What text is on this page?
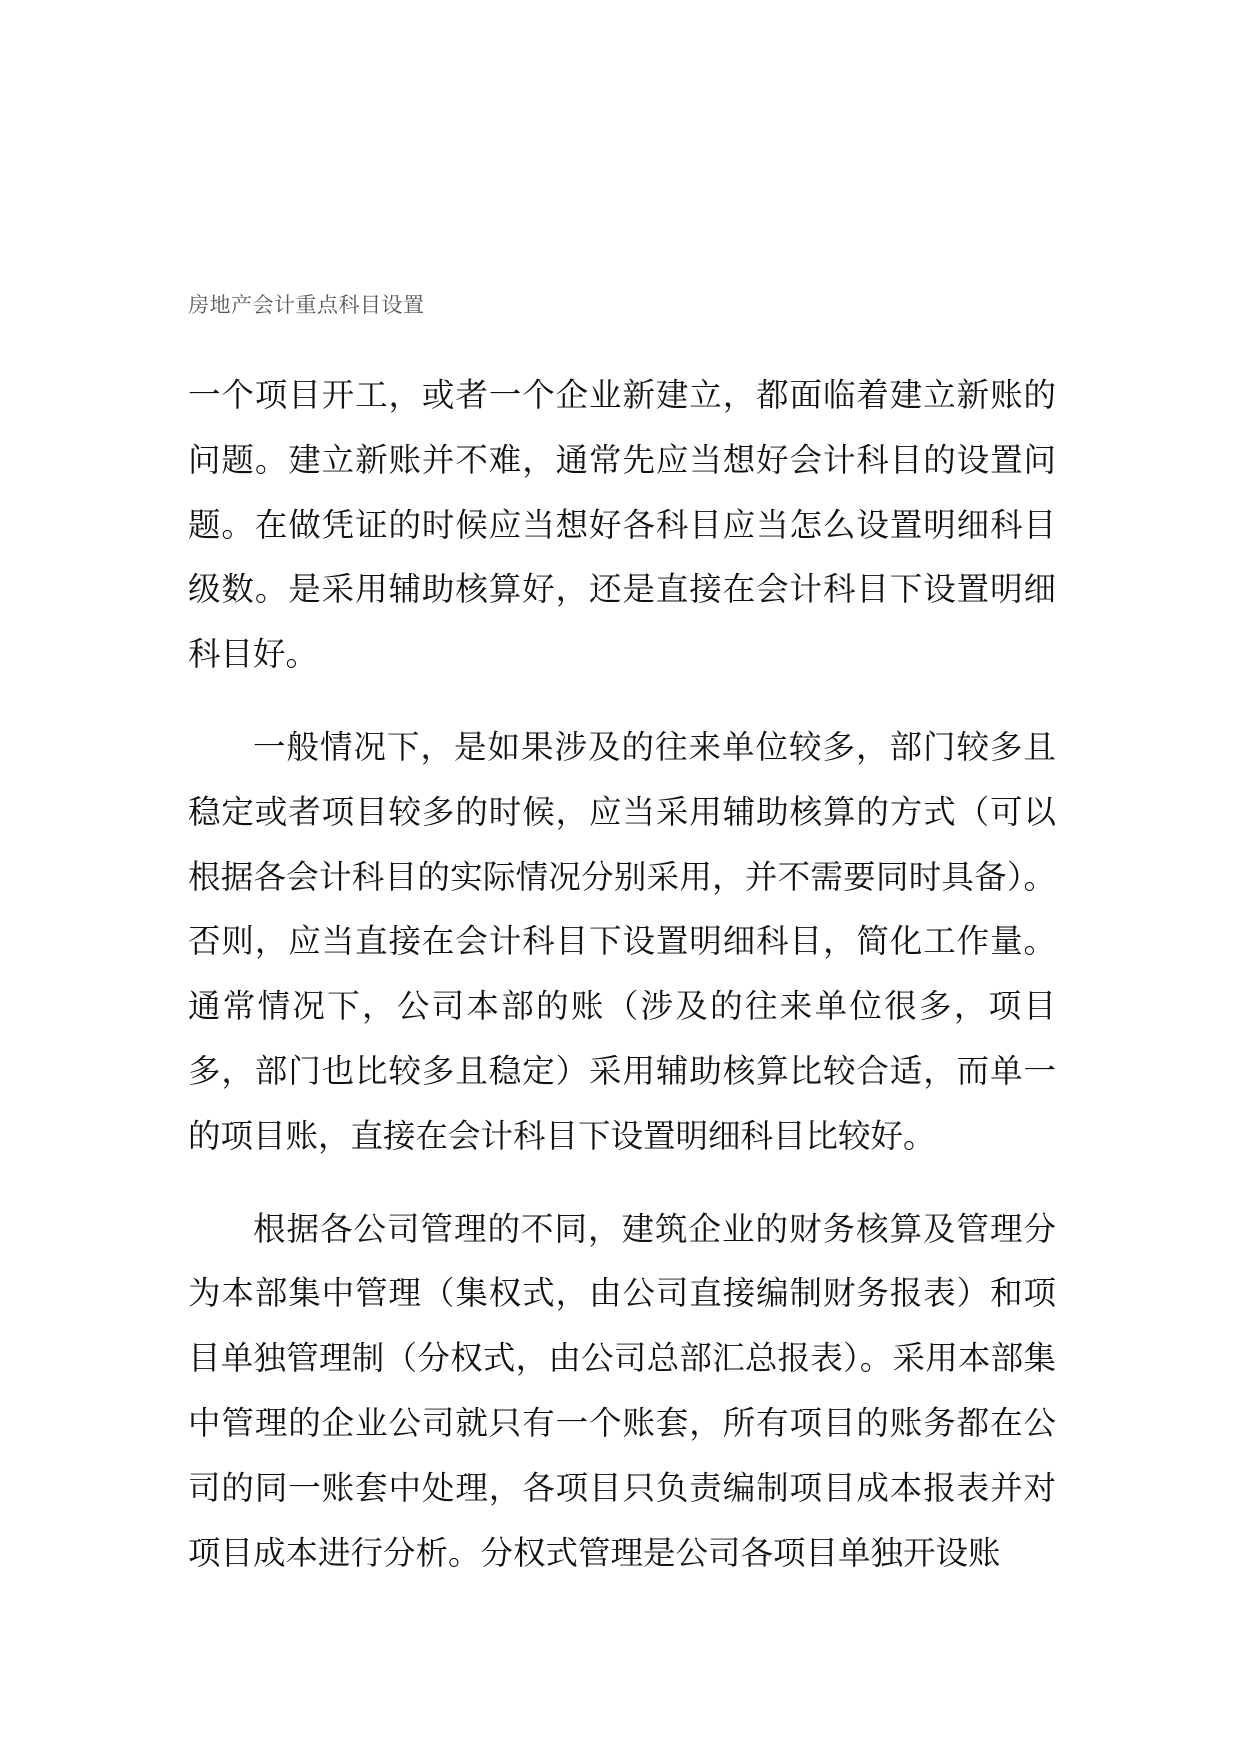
房地产会计重点科目设置

一个项目开工，或者一个企业新建立，都面临着建立新账的问题。建立新账并不难，通常先应当想好会计科目的设置问题。在做凭证的时候应当想好各科目应当怎么设置明细科目级数。是采用辅助核算好，还是直接在会计科目下设置明细科目好。

一般情况下，是如果涉及的往来单位较多，部门较多且稳定或者项目较多的时候，应当采用辅助核算的方式（可以根据各会计科目的实际情况分别采用，并不需要同时具备）。否则，应当直接在会计科目下设置明细科目，简化工作量。通常情况下，公司本部的账（涉及的往来单位很多，项目多，部门也比较多且稳定）采用辅助核算比较合适，而单一的项目账，直接在会计科目下设置明细科目比较好。

根据各公司管理的不同，建筑企业的财务核算及管理分为本部集中管理（集权式，由公司直接编制财务报表）和项目单独管理制（分权式，由公司总部汇总报表）。采用本部集中管理的企业公司就只有一个账套，所有项目的账务都在公司的同一账套中处理，各项目只负责编制项目成本报表并对项目成本进行分析。分权式管理是公司各项目单独开设账
